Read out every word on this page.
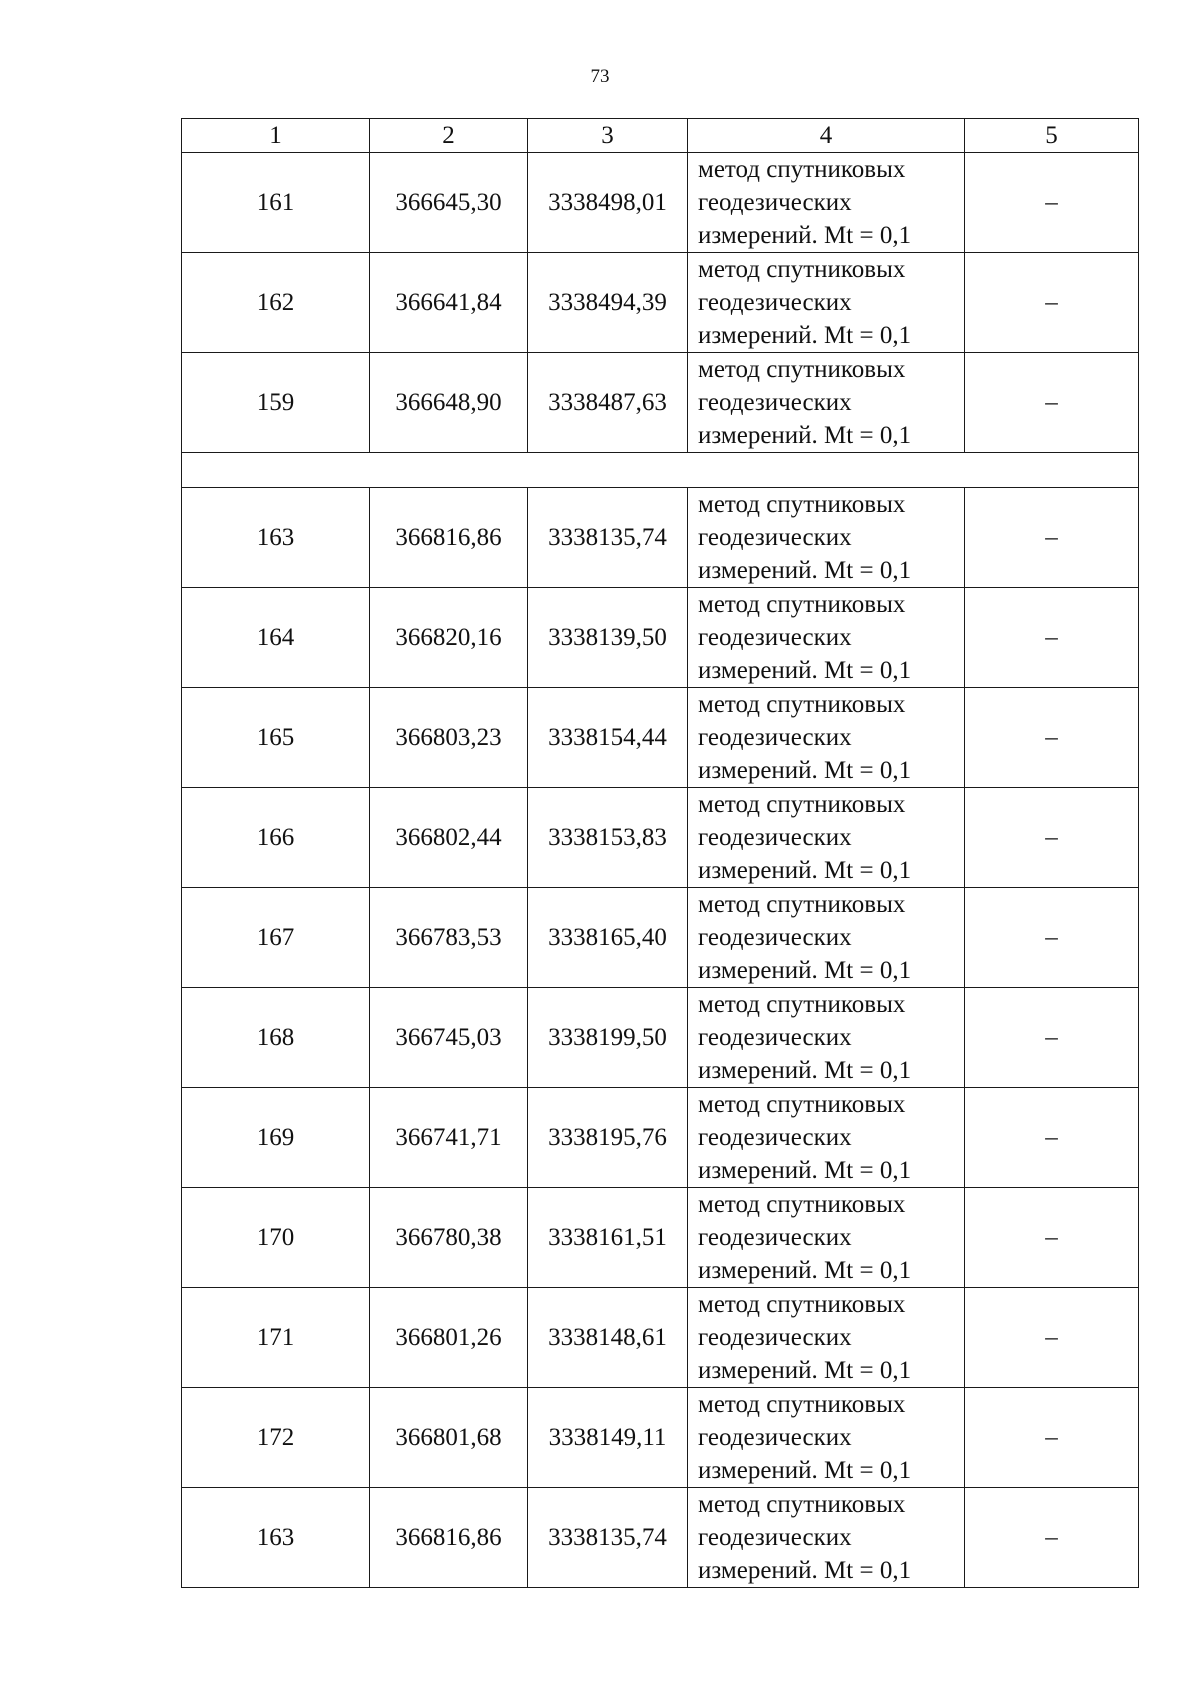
73
1	2	3	4	5
161	366645,30	3338498,01	метод спутниковых
геодезических
измерений. Mt = 0,1	–
162	366641,84	3338494,39	метод спутниковых
геодезических
измерений. Mt = 0,1	–
159	366648,90	3338487,63	метод спутниковых
геодезических
измерений. Mt = 0,1	–

163	366816,86	3338135,74	метод спутниковых
геодезических
измерений. Mt = 0,1	–
164	366820,16	3338139,50	метод спутниковых
геодезических
измерений. Mt = 0,1	–
165	366803,23	3338154,44	метод спутниковых
геодезических
измерений. Mt = 0,1	–
166	366802,44	3338153,83	метод спутниковых
геодезических
измерений. Mt = 0,1	–
167	366783,53	3338165,40	метод спутниковых
геодезических
измерений. Mt = 0,1	–
168	366745,03	3338199,50	метод спутниковых
геодезических
измерений. Mt = 0,1	–
169	366741,71	3338195,76	метод спутниковых
геодезических
измерений. Mt = 0,1	–
170	366780,38	3338161,51	метод спутниковых
геодезических
измерений. Mt = 0,1	–
171	366801,26	3338148,61	метод спутниковых
геодезических
измерений. Mt = 0,1	–
172	366801,68	3338149,11	метод спутниковых
геодезических
измерений. Mt = 0,1	–
163	366816,86	3338135,74	метод спутниковых
геодезических
измерений. Mt = 0,1	–
